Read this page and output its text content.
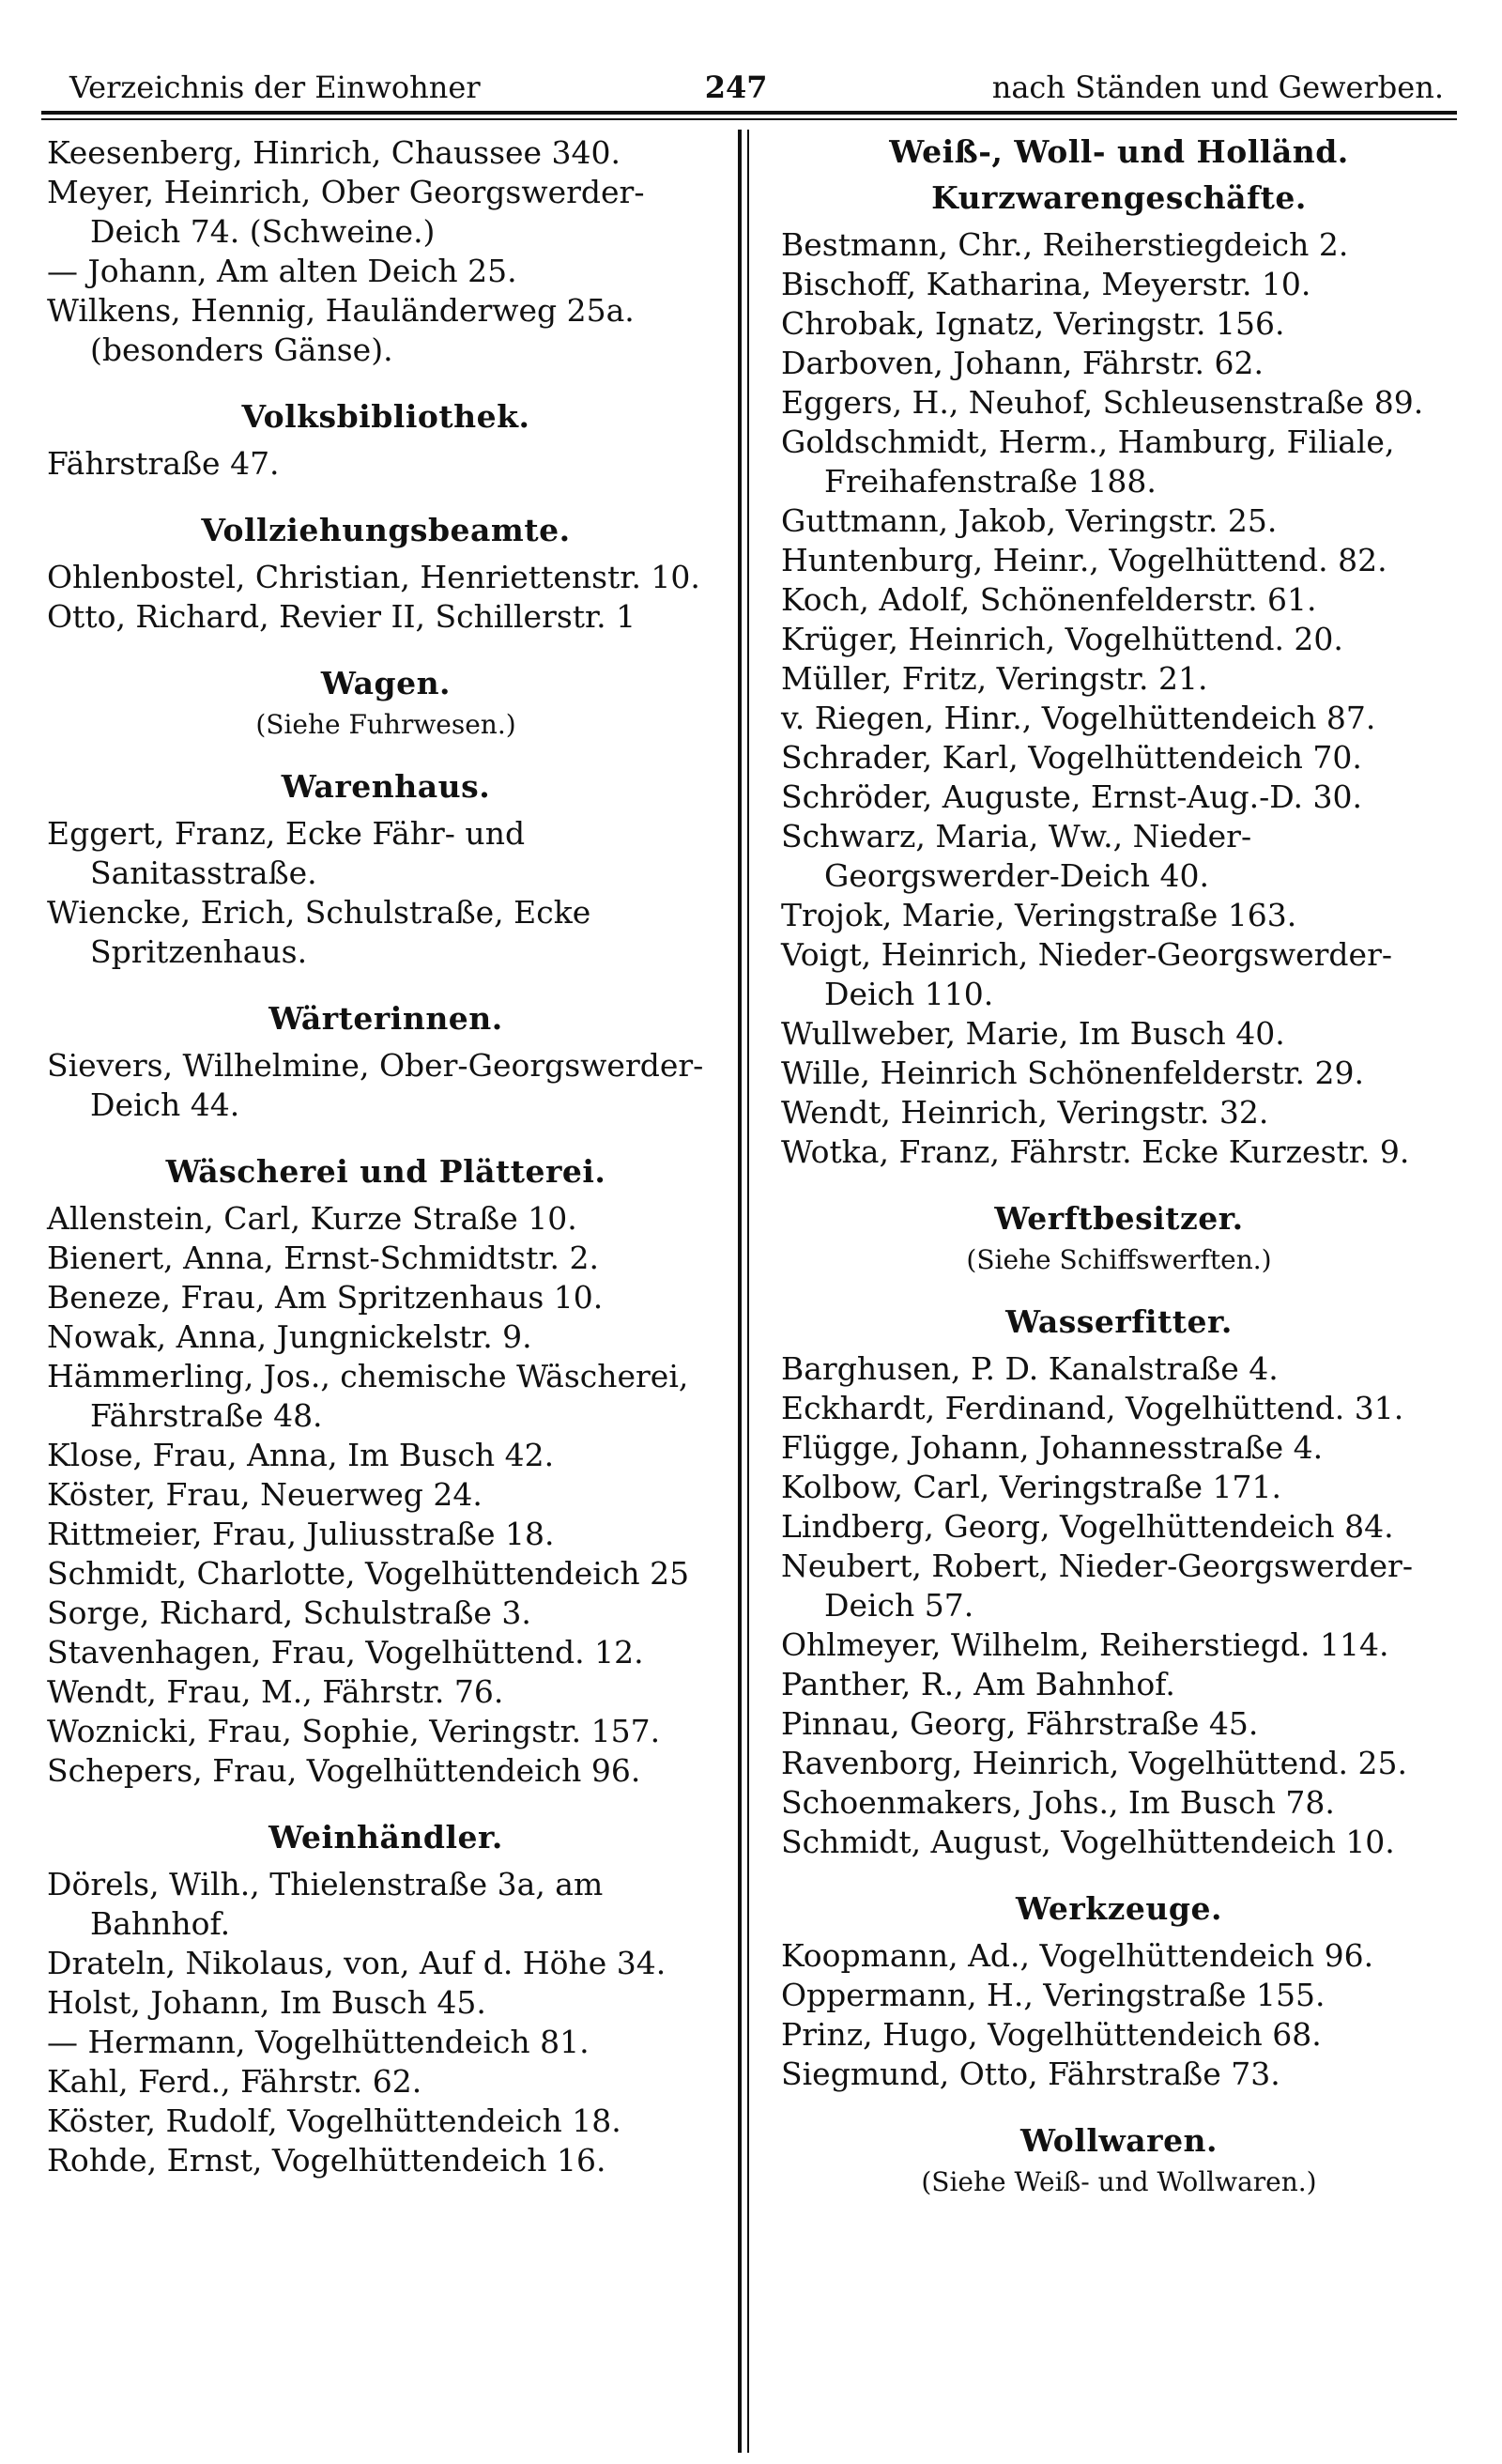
Verzeichnis der Einwohner	247	nach Ständen und Gewerben.
Keesenberg, Hinrich, Chaussee 340.
Meyer, Heinrich, Ober Georgswerder-Deich 74. (Schweine.)
— Johann, Am alten Deich 25.
Wilkens, Hennig, Hauländerweg 25a. (besonders Gänse).
Volksbibliothek.
Fährstraße 47.
Vollziehungsbeamte.
Ohlenbostel, Christian, Henriettenstr. 10.
Otto, Richard, Revier II, Schillerstr. 1
Wagen.
(Siehe Fuhrwesen.)
Warenhaus.
Eggert, Franz, Ecke Fähr- und Sanitasstraße.
Wiencke, Erich, Schulstraße, Ecke Spritzenhaus.
Wärterinnen.
Sievers, Wilhelmine, Ober-Georgswerder-Deich 44.
Wäscherei und Plätterei.
Allenstein, Carl, Kurze Straße 10.
Bienert, Anna, Ernst-Schmidtstr. 2.
Beneze, Frau, Am Spritzenhaus 10.
Nowak, Anna, Jungnickelstr. 9.
Hämmerling, Jos., chemische Wäscherei, Fährstraße 48.
Klose, Frau, Anna, Im Busch 42.
Köster, Frau, Neuerweg 24.
Rittmeier, Frau, Juliusstraße 18.
Schmidt, Charlotte, Vogelhüttendeich 25
Sorge, Richard, Schulstraße 3.
Stavenhagen, Frau, Vogelhüttend. 12.
Wendt, Frau, M., Fährstr. 76.
Woznicki, Frau, Sophie, Veringstr. 157.
Schepers, Frau, Vogelhüttendeich 96.
Weinhändler.
Dörels, Wilh., Thielenstraße 3a, am Bahnhof.
Drateln, Nikolaus, von, Auf d. Höhe 34.
Holst, Johann, Im Busch 45.
— Hermann, Vogelhüttendeich 81.
Kahl, Ferd., Fährstr. 62.
Köster, Rudolf, Vogelhüttendeich 18.
Rohde, Ernst, Vogelhüttendeich 16.
Weiß-, Woll- und Holländ.
Kurzwarengeschäfte.
Bestmann, Chr., Reiherstiegdeich 2.
Bischoff, Katharina, Meyerstr. 10.
Chrobak, Ignatz, Veringstr. 156.
Darboven, Johann, Fährstr. 62.
Eggers, H., Neuhof, Schleusenstraße 89.
Goldschmidt, Herm., Hamburg, Filiale, Freihafenstraße 188.
Guttmann, Jakob, Veringstr. 25.
Huntenburg, Heinr., Vogelhüttend. 82.
Koch, Adolf, Schönenfelderstr. 61.
Krüger, Heinrich, Vogelhüttend. 20.
Müller, Fritz, Veringstr. 21.
v. Riegen, Hinr., Vogelhüttendeich 87.
Schrader, Karl, Vogelhüttendeich 70.
Schröder, Auguste, Ernst-Aug.-D. 30.
Schwarz, Maria, Ww., Nieder-Georgswerder-Deich 40.
Trojok, Marie, Veringstraße 163.
Voigt, Heinrich, Nieder-Georgswerder-Deich 110.
Wullweber, Marie, Im Busch 40.
Wille, Heinrich Schönenfelderstr. 29.
Wendt, Heinrich, Veringstr. 32.
Wotka, Franz, Fährstr. Ecke Kurzestr. 9.
Werftbesitzer.
(Siehe Schiffswerften.)
Wasserfitter.
Barghusen, P. D. Kanalstraße 4.
Eckhardt, Ferdinand, Vogelhüttend. 31.
Flügge, Johann, Johannesstraße 4.
Kolbow, Carl, Veringstraße 171.
Lindberg, Georg, Vogelhüttendeich 84.
Neubert, Robert, Nieder-Georgswerder-Deich 57.
Ohlmeyer, Wilhelm, Reiherstiegd. 114.
Panther, R., Am Bahnhof.
Pinnau, Georg, Fährstraße 45.
Ravenborg, Heinrich, Vogelhüttend. 25.
Schoenmakers, Johs., Im Busch 78.
Schmidt, August, Vogelhüttendeich 10.
Werkzeuge.
Koopmann, Ad., Vogelhüttendeich 96.
Oppermann, H., Veringstraße 155.
Prinz, Hugo, Vogelhüttendeich 68.
Siegmund, Otto, Fährstraße 73.
Wollwaren.
(Siehe Weiß- und Wollwaren.)
